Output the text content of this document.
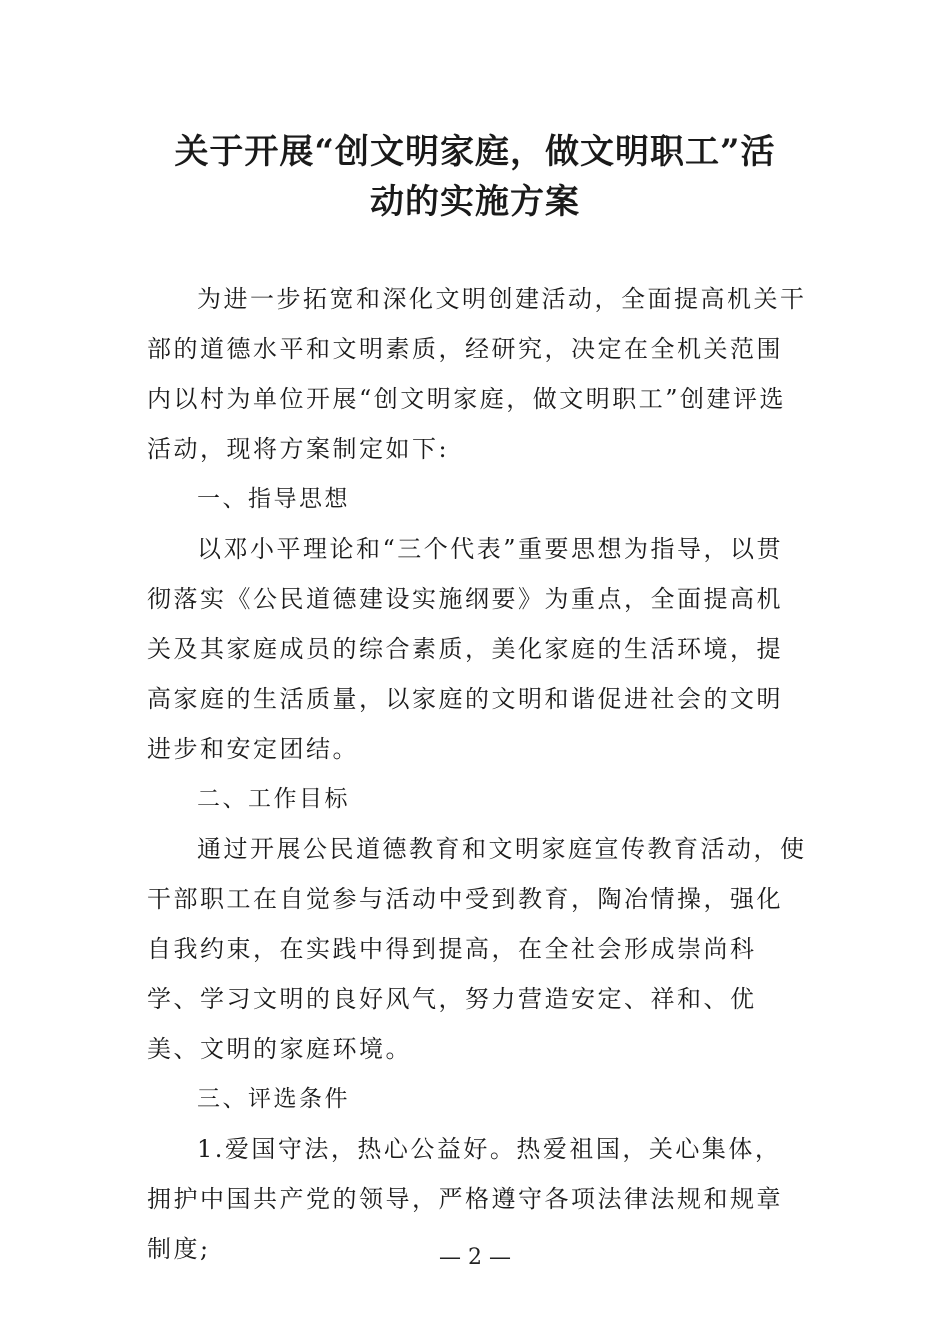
关于开展“创文明家庭，做文明职工”活
动的实施方案

为进一步拓宽和深化文明创建活动，全面提高机关干部的道德水平和文明素质，经研究，决定在全机关范围内以村为单位开展“创文明家庭，做文明职工”创建评选活动，现将方案制定如下:

一、指导思想

以邓小平理论和“三个代表”重要思想为指导，以贯彻落实《公民道德建设实施纲要》为重点，全面提高机关及其家庭成员的综合素质，美化家庭的生活环境，提高家庭的生活质量，以家庭的文明和谐促进社会的文明进步和安定团结。

二、工作目标

通过开展公民道德教育和文明家庭宣传教育活动，使干部职工在自觉参与活动中受到教育，陶冶情操，强化自我约束，在实践中得到提高，在全社会形成崇尚科学、学习文明的良好风气，努力营造安定、祥和、优美、文明的家庭环境。

三、评选条件

1.爱国守法，热心公益好。热爱祖国，关心集体，拥护中国共产党的领导，严格遵守各项法律法规和规章制度;	— 2 —
